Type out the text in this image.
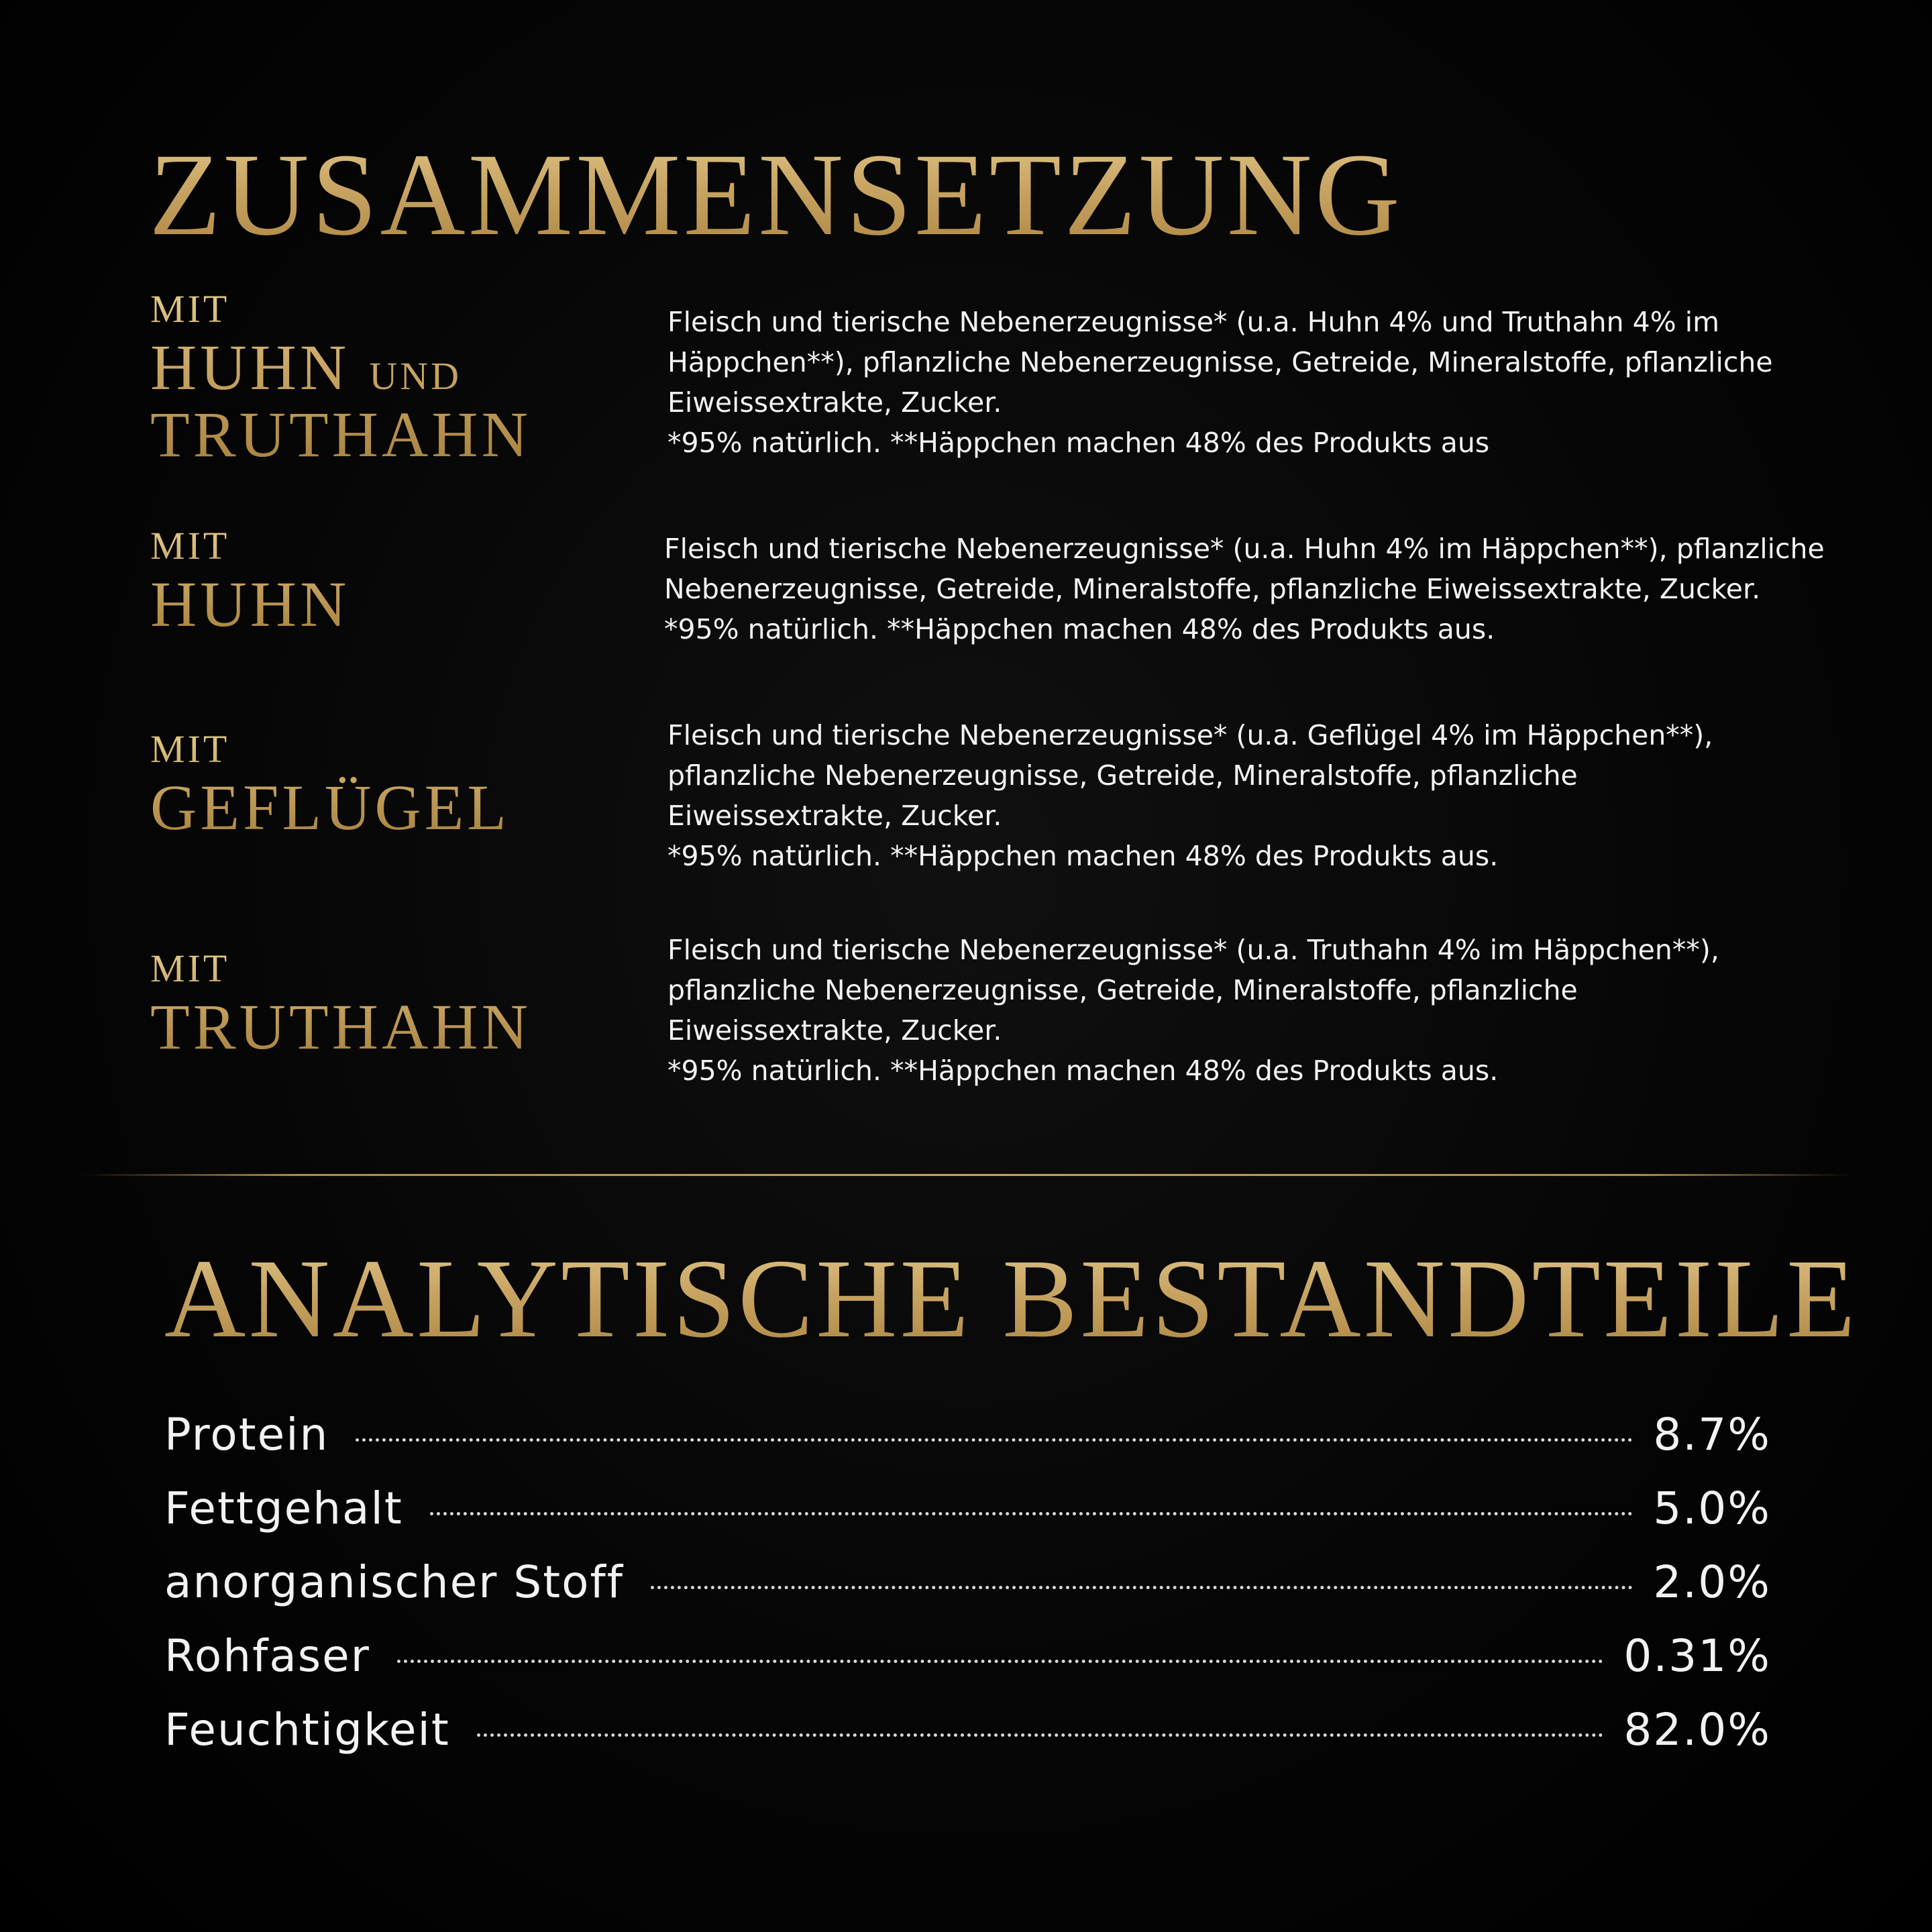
ZUSAMMENSETZUNG
MIT
HUHN UND
TRUTHAHN

Fleisch und tierische Nebenerzeugnisse* (u.a. Huhn 4% und Truthahn 4% im Häppchen**), pflanzliche Nebenerzeugnisse, Getreide, Mineralstoffe, pflanzliche Eiweissextrakte, Zucker.

*95% natürlich. **Häppchen machen 48% des Produkts aus

MIT
HUHN

Fleisch und tierische Nebenerzeugnisse* (u.a. Huhn 4% im Häppchen**), pflanzliche Nebenerzeugnisse, Getreide, Mineralstoffe, pflanzliche Eiweissextrakte, Zucker.

*95% natürlich. **Häppchen machen 48% des Produkts aus.

MIT
GEFLÜGEL

Fleisch und tierische Nebenerzeugnisse* (u.a. Geflügel 4% im Häppchen**), pflanzliche Nebenerzeugnisse, Getreide, Mineralstoffe, pflanzliche Eiweissextrakte, Zucker.

*95% natürlich. **Häppchen machen 48% des Produkts aus.

MIT
TRUTHAHN

Fleisch und tierische Nebenerzeugnisse* (u.a. Truthahn 4% im Häppchen**), pflanzliche Nebenerzeugnisse, Getreide, Mineralstoffe, pflanzliche Eiweissextrakte, Zucker.

*95% natürlich. **Häppchen machen 48% des Produkts aus.

ANALYTISCHE BESTANDTEILE
Protein	8.7%
Fettgehalt	5.0%
anorganischer Stoff	2.0%
Rohfaser	0.31%
Feuchtigkeit	82.0%
